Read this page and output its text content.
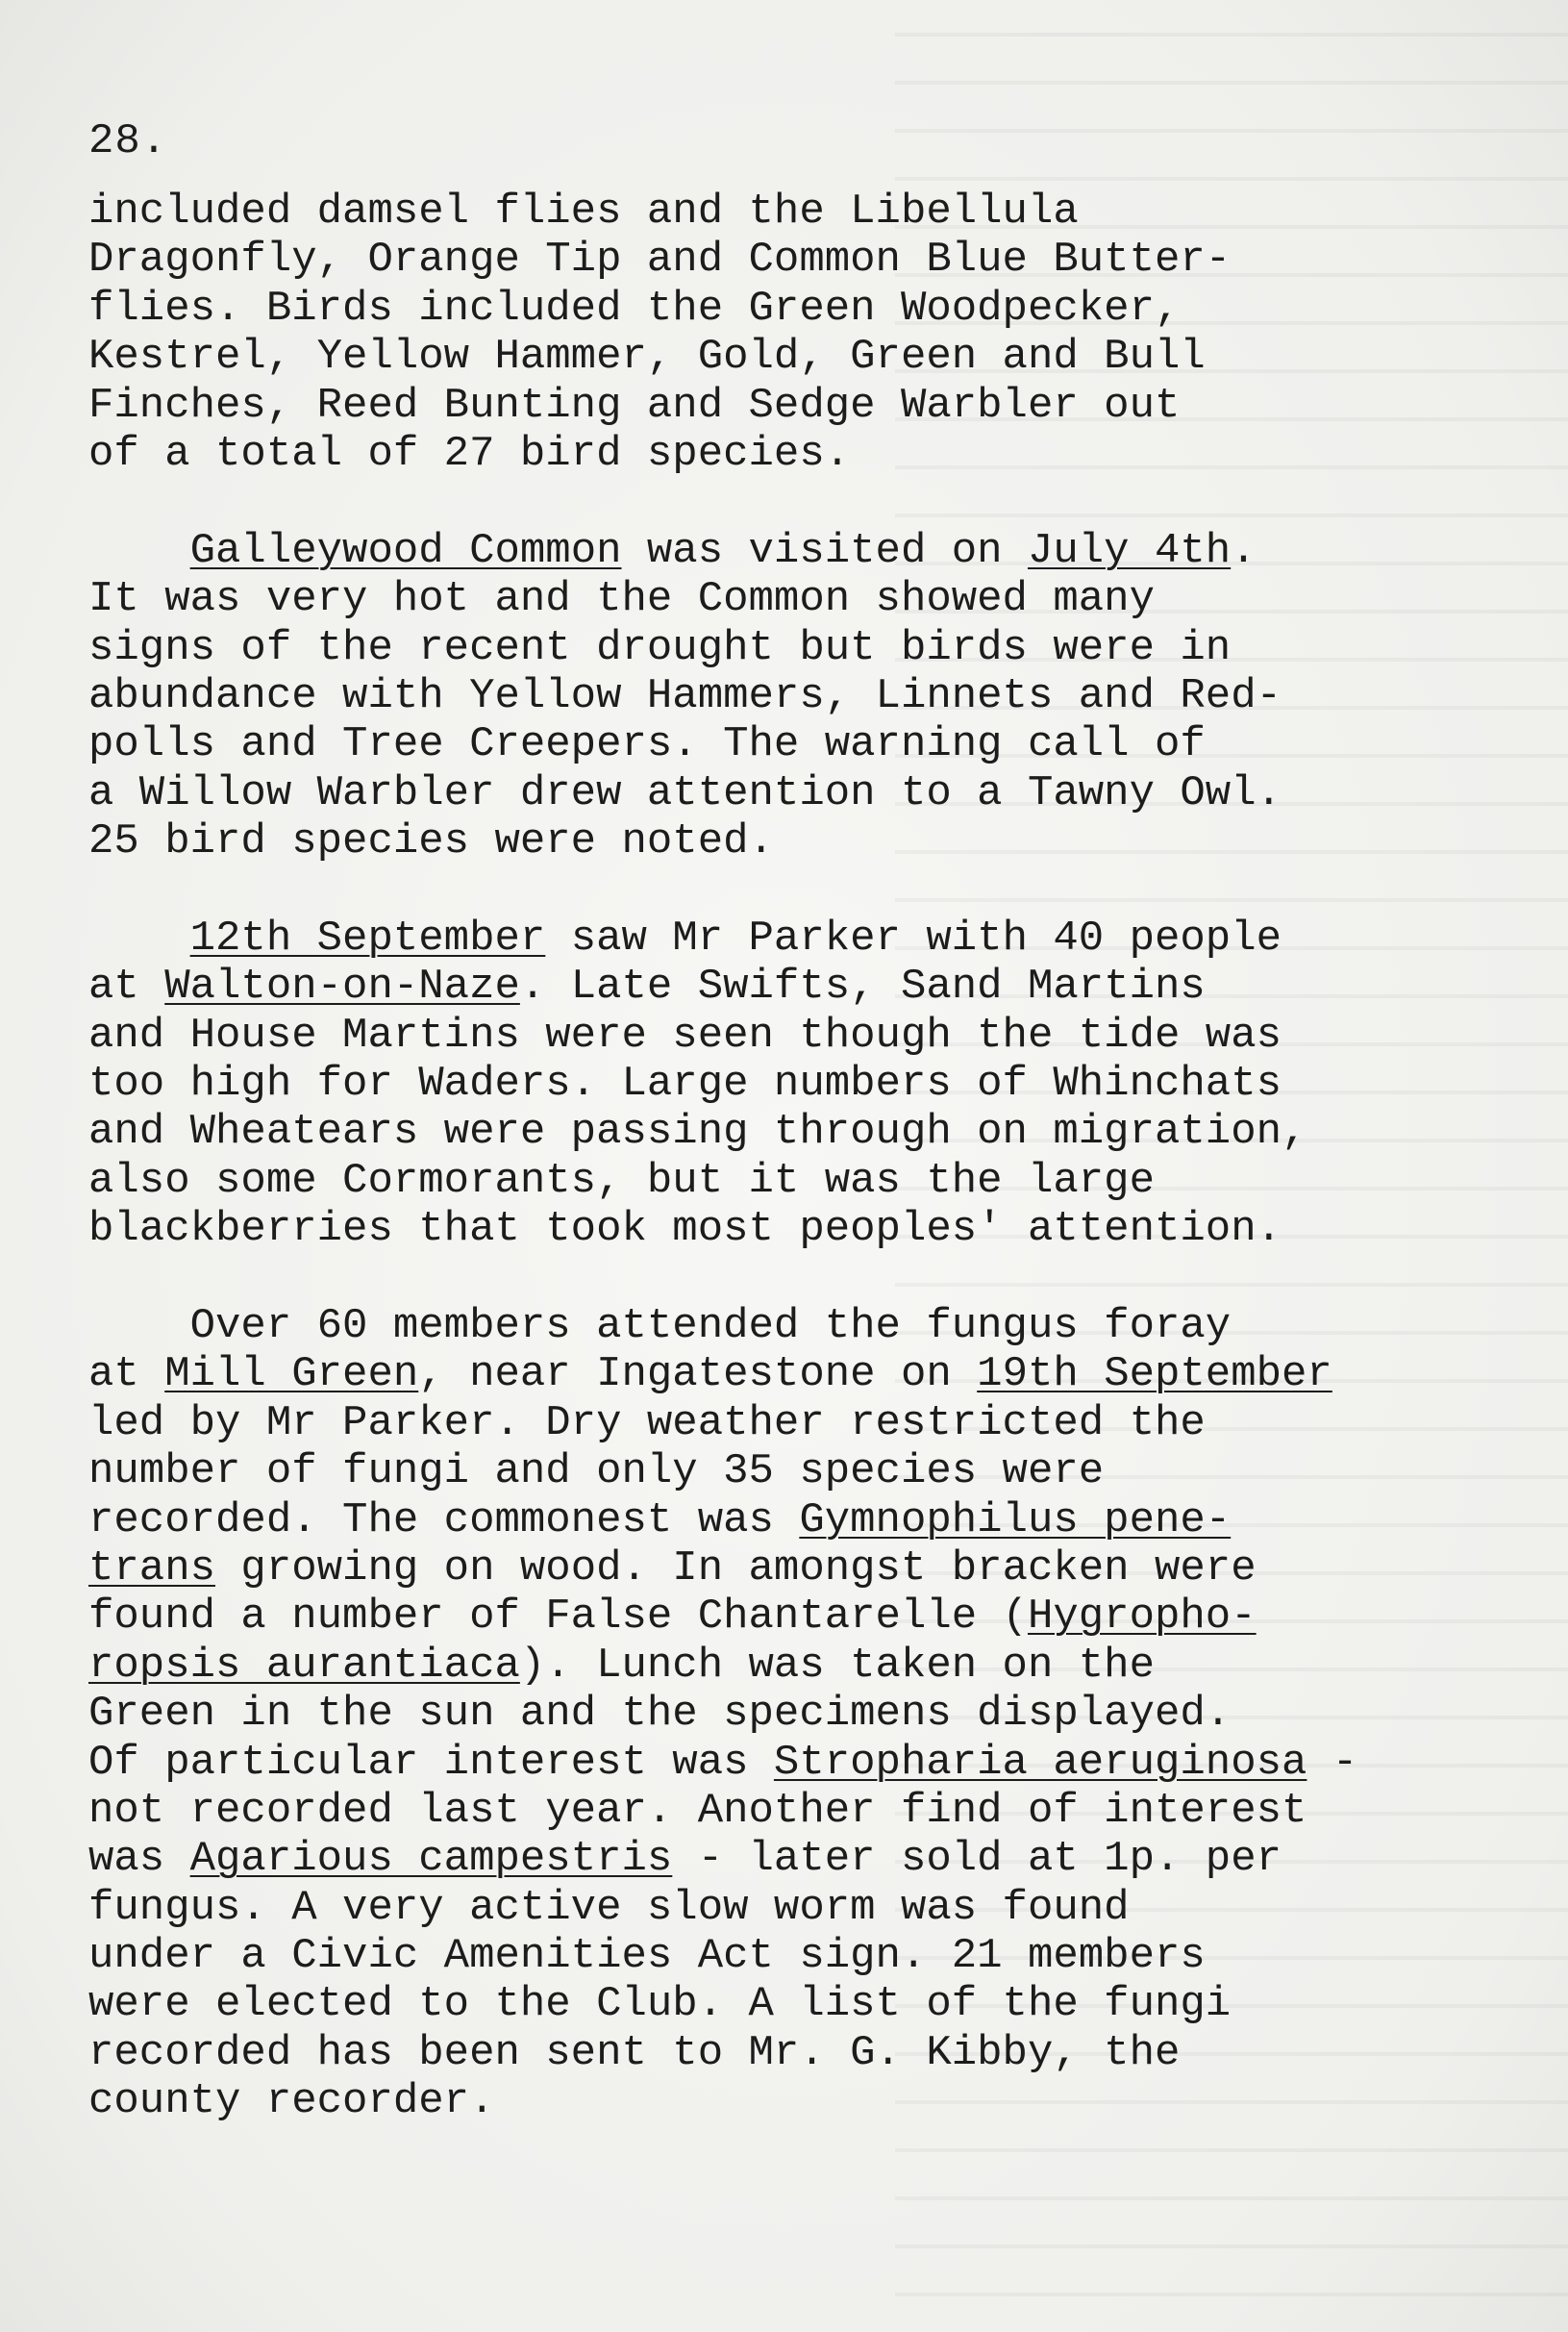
28.
included damsel flies and the Libellula
Dragonfly, Orange Tip and Common Blue Butter-
flies. Birds included the Green Woodpecker,
Kestrel, Yellow Hammer, Gold, Green and Bull
Finches, Reed Bunting and Sedge Warbler out
of a total of 27 bird species.
Galleywood Common was visited on July 4th.
It was very hot and the Common showed many
signs of the recent drought but birds were in
abundance with Yellow Hammers, Linnets and Red-
polls and Tree Creepers. The warning call of
a Willow Warbler drew attention to a Tawny Owl.
25 bird species were noted.
12th September saw Mr Parker with 40 people
at Walton-on-Naze. Late Swifts, Sand Martins
and House Martins were seen though the tide was
too high for Waders. Large numbers of Whinchats
and Wheatears were passing through on migration,
also some Cormorants, but it was the large
blackberries that took most peoples' attention.
Over 60 members attended the fungus foray
at Mill Green, near Ingatestone on 19th September
led by Mr Parker. Dry weather restricted the
number of fungi and only 35 species were
recorded. The commonest was Gymnophilus pene-
trans growing on wood. In amongst bracken were
found a number of False Chantarelle (Hygropho-
ropsis aurantiaca). Lunch was taken on the
Green in the sun and the specimens displayed.
Of particular interest was Stropharia aeruginosa -
not recorded last year. Another find of interest
was Agarious campestris - later sold at 1p. per
fungus. A very active slow worm was found
under a Civic Amenities Act sign. 21 members
were elected to the Club. A list of the fungi
recorded has been sent to Mr. G. Kibby, the
county recorder.
